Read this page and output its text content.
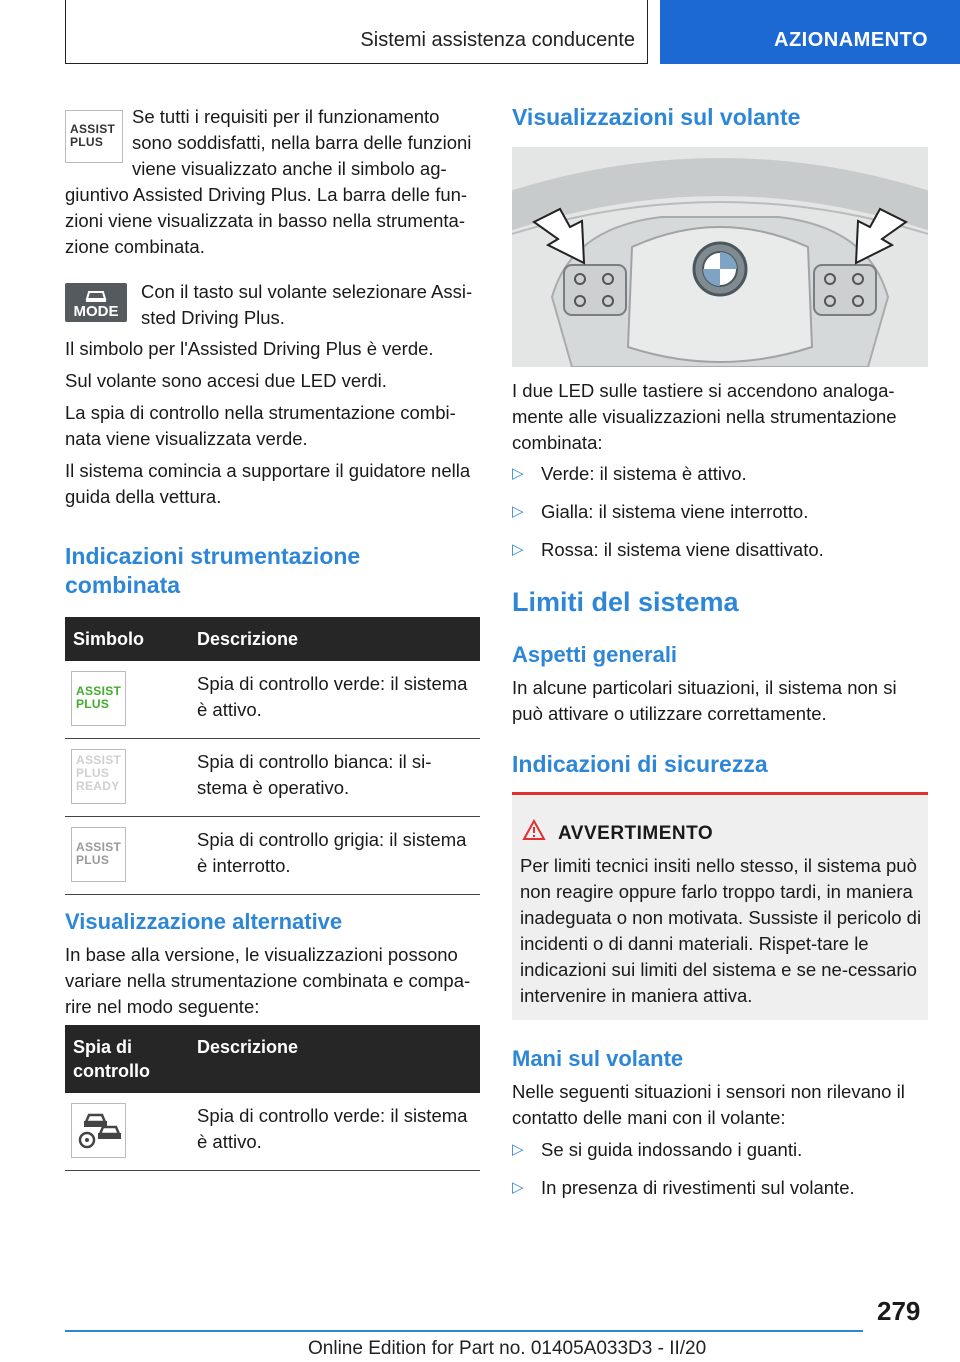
Sistemi assistenza conducente	AZIONAMENTO
ASSIST
PLUS

Se tutti i requisiti per il funzionamento

sono soddisfatti, nella barra delle funzioni

viene visualizzato anche il simbolo ag-

giuntivo Assisted Driving Plus. La barra delle fun-zioni viene visualizzata in basso nella strumenta-zione combinata.

MODE

Con il tasto sul volante selezionare Assi-sted Driving Plus.

Il simbolo per l'Assisted Driving Plus è verde.

Sul volante sono accesi due LED verdi.

La spia di controllo nella strumentazione combi-nata viene visualizzata verde.

Il sistema comincia a supportare il guidatore nella guida della vettura.

Indicazioni strumentazione combinata
Simbolo	Descrizione

ASSIST
PLUS	Spia di controllo verde: il sistema è attivo.

ASSIST
PLUS
READY	Spia di controllo bianca: il si-stema è operativo.

ASSIST
PLUS	Spia di controllo grigia: il sistema è interrotto.
Visualizzazione alternative

In base alla versione, le visualizzazioni possono variare nella strumentazione combinata e compa-rire nel modo seguente:

Spia di controllo	Descrizione

	Spia di controllo verde: il sistema è attivo.
Visualizzazioni sul volante

I due LED sulle tastiere si accendono analoga-mente alle visualizzazioni nella strumentazione combinata:

▷ Verde: il sistema è attivo.
▷ Gialla: il sistema viene interrotto.
▷ Rossa: il sistema viene disattivato.
Limiti del sistema
Aspetti generali

In alcune particolari situazioni, il sistema non si può attivare o utilizzare correttamente.

Indicazioni di sicurezza
AVVERTIMENTO
Per limiti tecnici insiti nello stesso, il sistema può non reagire oppure farlo troppo tardi, in maniera inadeguata o non motivata. Sussiste il pericolo di incidenti o di danni materiali. Rispet-tare le indicazioni sui limiti del sistema e se ne-cessario intervenire in maniera attiva.
Mani sul volante

Nelle seguenti situazioni i sensori non rilevano il contatto delle mani con il volante:

▷ Se si guida indossando i guanti.
▷ In presenza di rivestimenti sul volante.
279
Online Edition for Part no. 01405A033D3 - II/20
